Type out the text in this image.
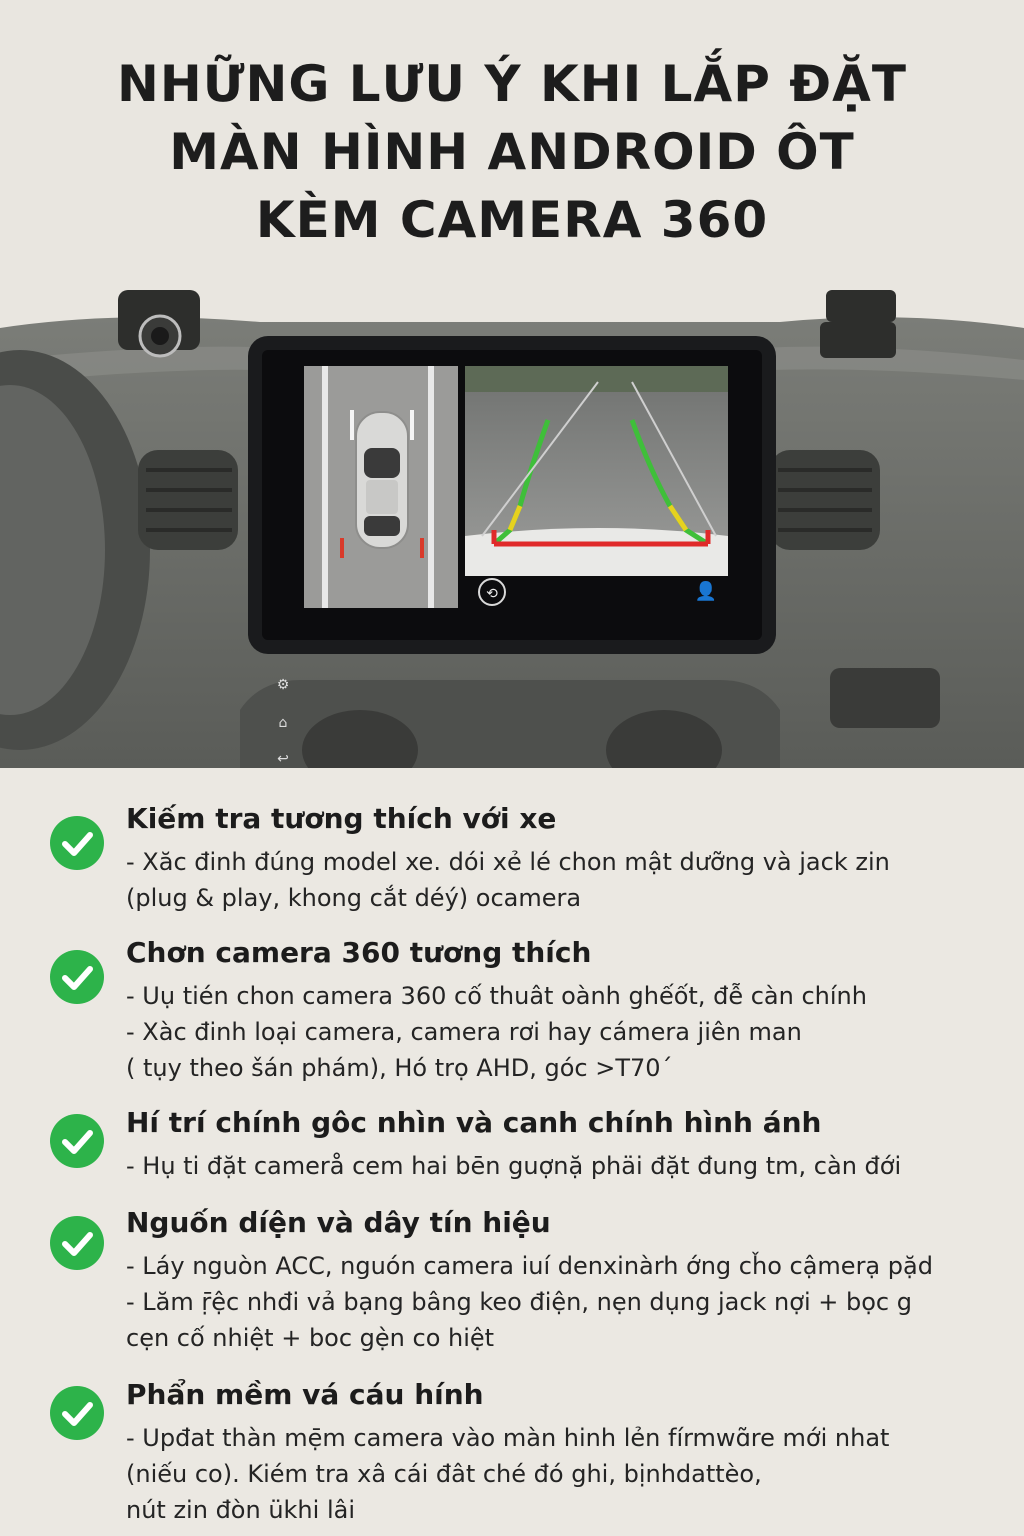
NHỮNG LƯU Ý KHI LẮP ĐẶT
MÀN HÌNH ANDROID ÔT
KÈM CAMERA 360
⚙
⌂
↩
⟲	👤
Kiếm tra tương thích với xe
- Xăc đinh đúng model xe. dói xẻ lé chon mật dưỡng và jack zin
(plug & play, khong cắt déý) ocamera
Chơn camera 360 tương thích
- Uụ tién chon camera 360 cố thuât oành ghếốt, đễ càn chính
- Xàc đinh loại camera, camera rơi hay cámera jiên man
( tụy theo šán phám), Hó trọ AHD, góc >T70ˊ
Hí trí chính gôc nhìn và canh chính hình ánh
- Hụ ti đặt camerå cem hai bēn guợnặ phäi đặt đung tm, càn đới
Nguốn díện và dây tín hiệu
- Láy nguòn ACC, nguón camera iuí denxinàrh ớng cȟo cậmerạ pặd
- Lăm ṝệc nhđi vả bạng bâng keo điện, nẹn dụng jack nợi + bọc g
cẹn cố nhiệt + boc gẹ̀n co hiệt
Phẩn mềm vá cáu hính
- Upđat thàn mẹ̄m camera vào màn hinh lẻn fírmwɑ̃re mới nhat
(niếu co). Kiém tra xâ cái đât ché đó ghi, bịnhdattèo,
nút zin đòn ükhi lâi
